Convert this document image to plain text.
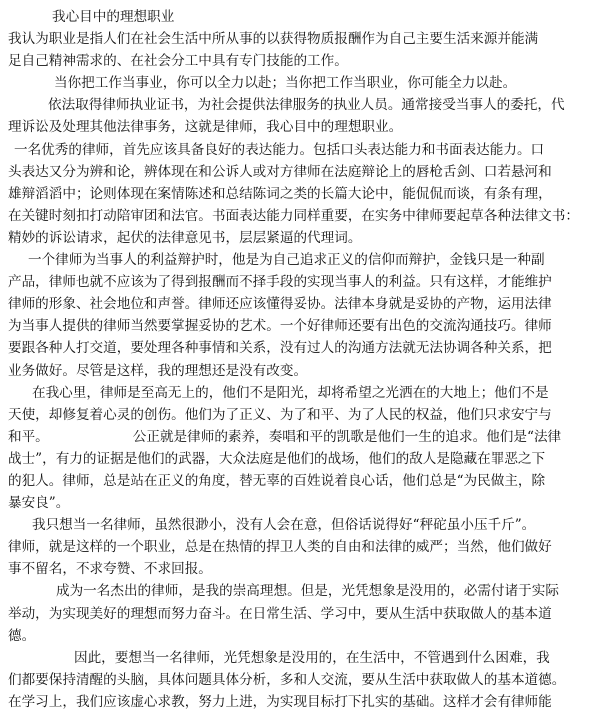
我心目中的理想职业
我认为职业是指人们在社会生活中所从事的以获得物质报酬作为自己主要生活来源并能满
足自己精神需求的、在社会分工中具有专门技能的工作。
当你把工作当事业，你可以全力以赴；当你把工作当职业，你可能全力以赴。
依法取得律师执业证书，为社会提供法律服务的执业人员。通常接受当事人的委托，代
理诉讼及处理其他法律事务，这就是律师，我心目中的理想职业。
一名优秀的律师，首先应该具备良好的表达能力。包括口头表达能力和书面表达能力。口
头表达又分为辨和论，辨体现在和公诉人或对方律师在法庭辩论上的唇枪舌剑、口若悬河和
雄辩滔滔中；论则体现在案情陈述和总结陈词之类的长篇大论中，能侃侃而谈，有条有理，
在关键时刻扣打动陪审团和法官。书面表达能力同样重要，在实务中律师要起草各种法律文书：
精妙的诉讼请求，起伏的法律意见书，层层紧逼的代理词。
一个律师为当事人的利益辩护时，他是为自己追求正义的信仰而辩护，金钱只是一种副
产品，律师也就不应该为了得到报酬而不择手段的实现当事人的利益。只有这样，才能维护
律师的形象、社会地位和声誉。律师还应该懂得妥协。法律本身就是妥协的产物，运用法律
为当事人提供的律师当然要掌握妥协的艺术。一个好律师还要有出色的交流沟通技巧。律师
要跟各种人打交道，要处理各种事情和关系，没有过人的沟通方法就无法协调各种关系，把
业务做好。尽管是这样，我的理想还是没有改变。
在我心里，律师是至高无上的，他们不是阳光，却将希望之光洒在的大地上；他们不是
天使，却修复着心灵的创伤。他们为了正义、为了和平、为了人民的权益，他们只求安宁与
和平。	公正就是律师的素养，奏唱和平的凯歌是他们一生的追求。他们是“法律
战士”，有力的证据是他们的武器，大众法庭是他们的战场，他们的敌人是隐藏在罪恶之下
的犯人。律师，总是站在正义的角度，替无辜的百姓说着良心话，他们总是“为民做主，除
暴安良”。
我只想当一名律师，虽然很渺小，没有人会在意，但俗话说得好“秤砣虽小压千斤”。
律师，就是这样的一个职业，总是在热情的捍卫人类的自由和法律的威严；当然，他们做好
事不留名，不求夸赞、不求回报。
成为一名杰出的律师，是我的崇高理想。但是，光凭想象是没用的，必需付诸于实际
举动，为实现美好的理想而努力奋斗。在日常生活、学习中，要从生活中获取做人的基本道
德。
因此，要想当一名律师，光凭想象是没用的，在生活中，不管遇到什么困难，我
们都要保持清醒的头脑，具体问题具体分析，多和人交流，要从生活中获取做人的基本道德。
在学习上，我们应该虚心求教，努力上进，为实现目标打下扎实的基础。这样才会有律师能
